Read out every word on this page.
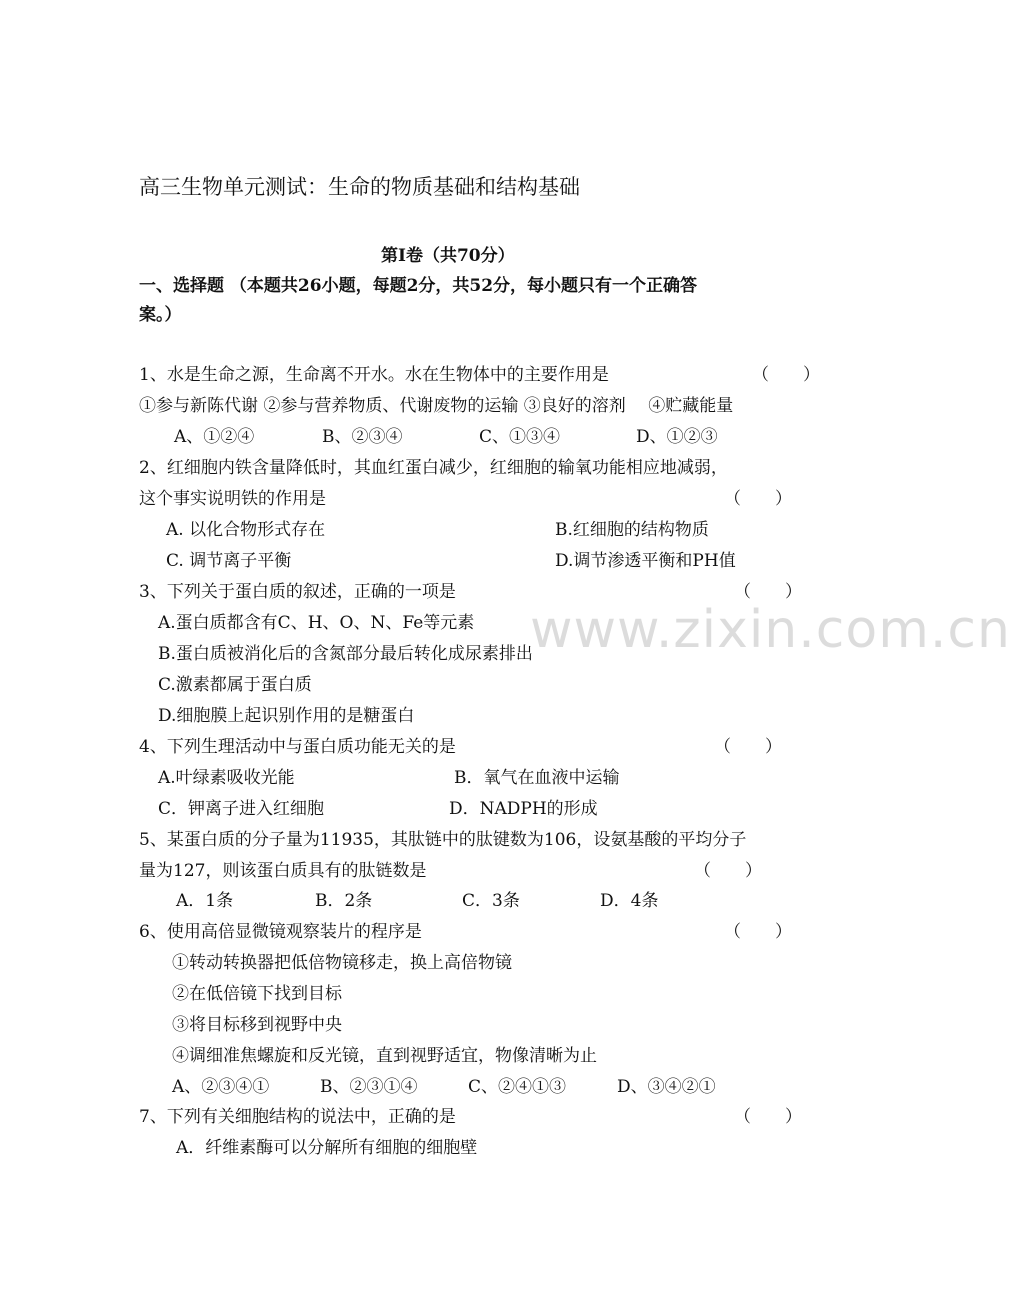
www.zixin.com.cn
高三生物单元测试：生命的物质基础和结构基础
第Ⅰ卷（共70分）
一、选择题 （本题共26小题，每题2分，共52分，每小题只有一个正确答
案。）
1、水是生命之源，生命离不开水。水在生物体中的主要作用是	（　　）
①参与新陈代谢 ②参与营养物质、代谢废物的运输 ③良好的溶剂 　④贮藏能量
A、①②④	B、②③④	C、①③④	D、①②③
2、红细胞内铁含量降低时，其血红蛋白减少，红细胞的输氧功能相应地减弱，
这个事实说明铁的作用是	（　　）
A. 以化合物形式存在	B.红细胞的结构物质
C. 调节离子平衡	D.调节渗透平衡和PH值
3、下列关于蛋白质的叙述，正确的一项是	（　　）
A.蛋白质都含有C、H、O、N、Fe等元素
B.蛋白质被消化后的含氮部分最后转化成尿素排出
C.激素都属于蛋白质
D.细胞膜上起识别作用的是糖蛋白
4、下列生理活动中与蛋白质功能无关的是	（　　）
A.叶绿素吸收光能	B．氧气在血液中运输
C．钾离子进入红细胞	D．NADPH的形成
5、某蛋白质的分子量为11935，其肽链中的肽键数为106，设氨基酸的平均分子
量为127，则该蛋白质具有的肽链数是	（　　）
A．1条	B．2条	C．3条	D．4条
6、使用高倍显微镜观察装片的程序是	（　　）
①转动转换器把低倍物镜移走，换上高倍物镜
②在低倍镜下找到目标
③将目标移到视野中央
④调细准焦螺旋和反光镜，直到视野适宜，物像清晰为止
A、②③④①	B、②③①④	C、②④①③	D、③④②①
7、下列有关细胞结构的说法中，正确的是	（　　）
A．纤维素酶可以分解所有细胞的细胞壁
